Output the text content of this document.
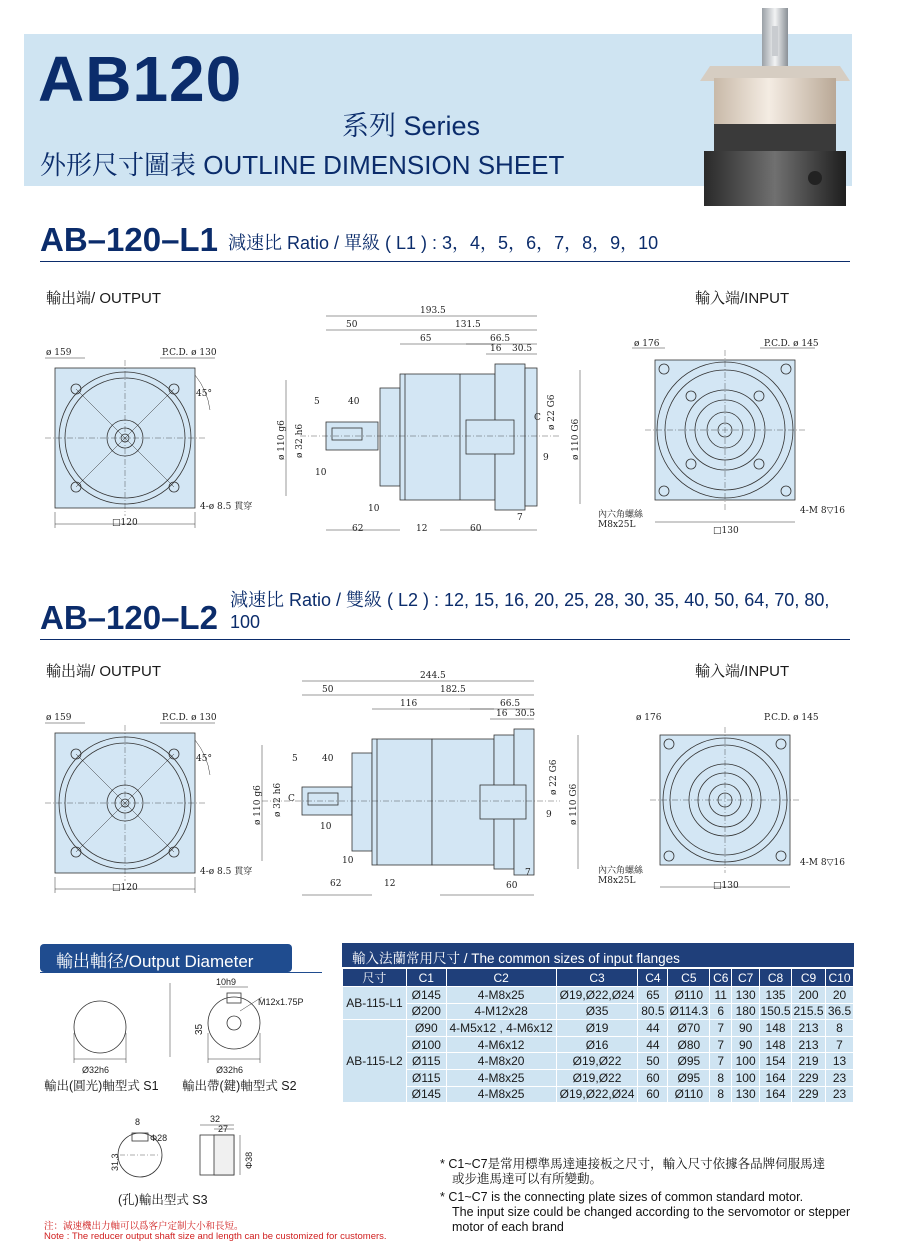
AB120
系列 Series
外形尺寸圖表 OUTLINE DIMENSION SHEET
AB–120–L1 減速比 Ratio / 單級 ( L1 ) : 3，4，5，6，7，8，9，10
輸出端/ OUTPUT	輸入端/INPUT
ø 159	P.C.D. ø 130
45°
4-ø 8.5 貫穿
□120
193.5
50	131.5
65	66.5
16 30.5
5	40
10
10
62	12	60
7
9
C
ø 110 g6 ø 32 h6
ø 22 G6
ø 110 G6
ø 176	P.C.D. ø 145
4-M 8▽16
內六角螺絲
M8x25L
□130
AB–120–L2 減速比 Ratio / 雙級 ( L2 ) : 12, 15, 16, 20, 25, 28, 30, 35, 40, 50, 64, 70, 80, 100
輸出端/ OUTPUT	輸入端/INPUT
ø 159	P.C.D. ø 130
45°
4-ø 8.5 貫穿
□120
244.5
50	182.5
116	66.5
16 30.5
5	40
10
10
62	12	60
7
9
C
ø 110 g6 ø 32 h6
ø 22 G6
ø 110 G6
ø 176	P.C.D. ø 145
4-M 8▽16
內六角螺絲
M8x25L	□130
輸出軸径/Output Diameter
Ø32h6	Ø32h6
10h9
M12x1.75P
35
8
Φ28
31.3
32
27
Φ38
輸出(圓光)軸型式 S1 輸出帶(鍵)軸型式 S2
(孔)輸出型式 S3
注：減速機出力軸可以爲客户定制大小和長短。
Note : The reducer output shaft size and length can be customized for customers.
輸入法蘭常用尺寸 / The common sizes of input flanges
尺寸	C1	C2	C3	C4	C5	C6	C7	C8	C9	C10
AB-115-L1	Ø145	4-M8x25	Ø19,Ø22,Ø24	65	Ø110	11	130	135	200	20
	Ø200	4-M12x28	Ø35	80.5	Ø114.3	6	180	150.5	215.5	36.5
AB-115-L2	Ø90	4-M5x12 , 4-M6x12	Ø19	44	Ø70	7	90	148	213	8
	Ø100	4-M6x12	Ø16	44	Ø80	7	90	148	213	7
	Ø115	4-M8x20	Ø19,Ø22	50	Ø95	7	100	154	219	13
	Ø115	4-M8x25	Ø19,Ø22	60	Ø95	8	100	164	229	23
	Ø145	4-M8x25	Ø19,Ø22,Ø24	60	Ø110	8	130	164	229	23
* C1~C7是常用標準馬達連接板之尺寸，輸入尺寸依據各品牌伺服馬達
或步進馬達可以有所變動。
* C1~C7 is the connecting plate sizes of common standard motor.
The input size could be changed according to the servomotor or stepper
motor of each brand
